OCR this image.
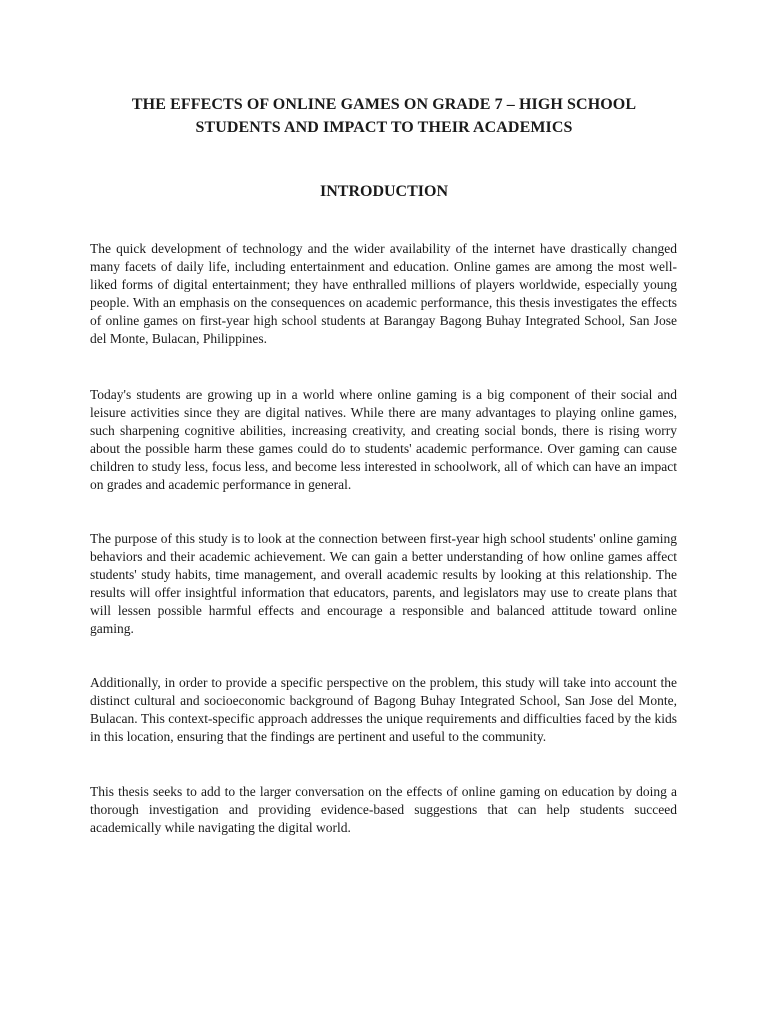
THE EFFECTS OF ONLINE GAMES ON GRADE 7 – HIGH SCHOOL STUDENTS AND IMPACT TO THEIR ACADEMICS
INTRODUCTION

The quick development of technology and the wider availability of the internet have drastically changed many facets of daily life, including entertainment and education. Online games are among the most well-liked forms of digital entertainment; they have enthralled millions of players worldwide, especially young people. With an emphasis on the consequences on academic performance, this thesis investigates the effects of online games on first-year high school students at Barangay Bagong Buhay Integrated School, San Jose del Monte, Bulacan, Philippines.

Today's students are growing up in a world where online gaming is a big component of their social and leisure activities since they are digital natives. While there are many advantages to playing online games, such sharpening cognitive abilities, increasing creativity, and creating social bonds, there is rising worry about the possible harm these games could do to students' academic performance. Over gaming can cause children to study less, focus less, and become less interested in schoolwork, all of which can have an impact on grades and academic performance in general.

The purpose of this study is to look at the connection between first-year high school students' online gaming behaviors and their academic achievement. We can gain a better understanding of how online games affect students' study habits, time management, and overall academic results by looking at this relationship. The results will offer insightful information that educators, parents, and legislators may use to create plans that will lessen possible harmful effects and encourage a responsible and balanced attitude toward online gaming.

Additionally, in order to provide a specific perspective on the problem, this study will take into account the distinct cultural and socioeconomic background of Bagong Buhay Integrated School, San Jose del Monte, Bulacan. This context-specific approach addresses the unique requirements and difficulties faced by the kids in this location, ensuring that the findings are pertinent and useful to the community.

This thesis seeks to add to the larger conversation on the effects of online gaming on education by doing a thorough investigation and providing evidence-based suggestions that can help students succeed academically while navigating the digital world.
